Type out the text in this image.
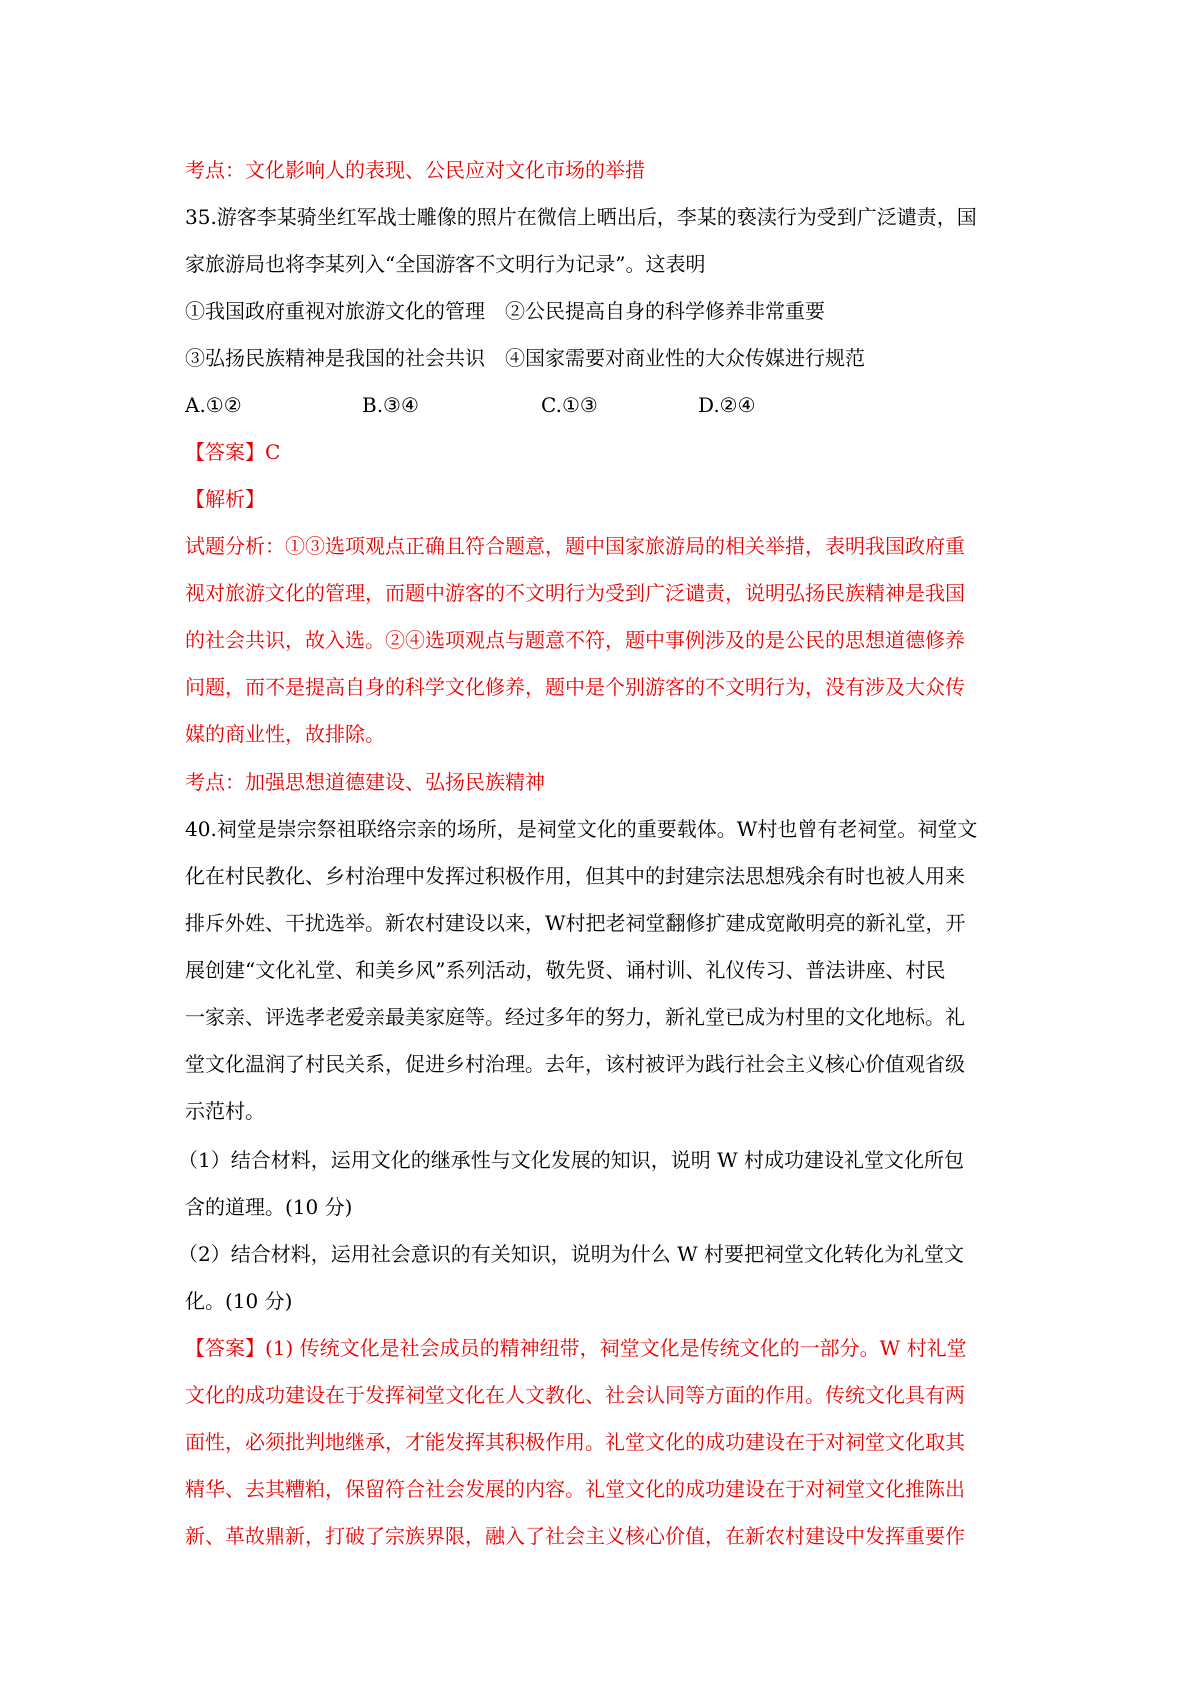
考点：文化影响人的表现、公民应对文化市场的举措
35.游客李某骑坐红军战士雕像的照片在微信上晒出后，李某的亵渎行为受到广泛谴责，国
家旅游局也将李某列入“全国游客不文明行为记录”。这表明
①我国政府重视对旅游文化的管理　②公民提高自身的科学修养非常重要
③弘扬民族精神是我国的社会共识　④国家需要对商业性的大众传媒进行规范
A.①②	B.③④	C.①③	D.②④
【答案】C
【解析】
试题分析：①③选项观点正确且符合题意，题中国家旅游局的相关举措，表明我国政府重
视对旅游文化的管理，而题中游客的不文明行为受到广泛谴责，说明弘扬民族精神是我国
的社会共识，故入选。②④选项观点与题意不符，题中事例涉及的是公民的思想道德修养
问题，而不是提高自身的科学文化修养，题中是个别游客的不文明行为，没有涉及大众传
媒的商业性，故排除。
考点：加强思想道德建设、弘扬民族精神
40.祠堂是崇宗祭祖联络宗亲的场所，是祠堂文化的重要载体。W村也曾有老祠堂。祠堂文
化在村民教化、乡村治理中发挥过积极作用，但其中的封建宗法思想残余有时也被人用来
排斥外姓、干扰选举。新农村建设以来，W村把老祠堂翻修扩建成宽敞明亮的新礼堂，开
展创建“文化礼堂、和美乡风”系列活动，敬先贤、诵村训、礼仪传习、普法讲座、村民
一家亲、评选孝老爱亲最美家庭等。经过多年的努力，新礼堂已成为村里的文化地标。礼
堂文化温润了村民关系，促进乡村治理。去年，该村被评为践行社会主义核心价值观省级
示范村。
（1）结合材料，运用文化的继承性与文化发展的知识，说明 W 村成功建设礼堂文化所包
含的道理。(10 分)
（2）结合材料，运用社会意识的有关知识，说明为什么 W 村要把祠堂文化转化为礼堂文
化。(10 分)
【答案】(1) 传统文化是社会成员的精神纽带，祠堂文化是传统文化的一部分。W 村礼堂
文化的成功建设在于发挥祠堂文化在人文教化、社会认同等方面的作用。传统文化具有两
面性，必须批判地继承，才能发挥其积极作用。礼堂文化的成功建设在于对祠堂文化取其
精华、去其糟粕，保留符合社会发展的内容。礼堂文化的成功建设在于对祠堂文化推陈出
新、革故鼎新，打破了宗族界限，融入了社会主义核心价值，在新农村建设中发挥重要作
